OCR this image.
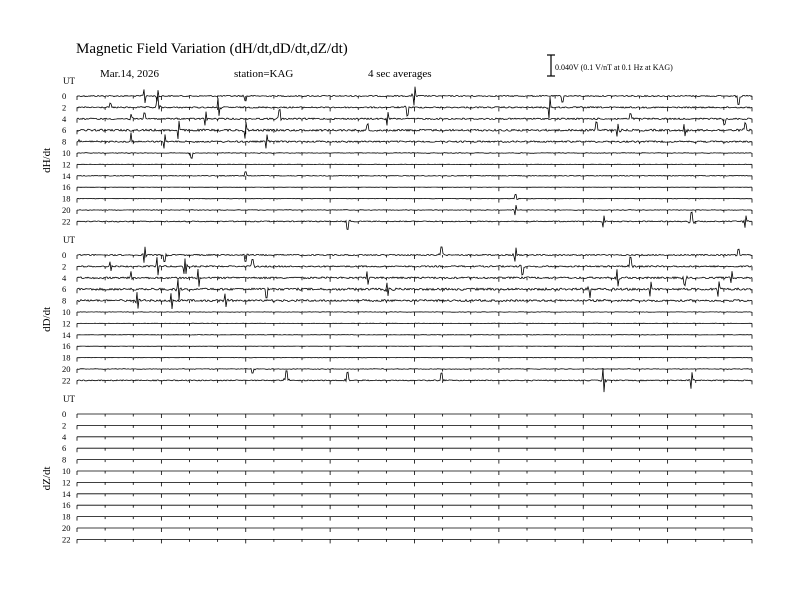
Magnetic Field Variation (dH/dt,dD/dt,dZ/dt)
Mar.14, 2026	station=KAG	4 sec averages
0.040V (0.1 V/nT at 0.1 Hz at KAG)
UT
dH/dt
0
2
4
6
8
10
12
14
16
18
20
22
UT
dD/dt
0
2
4
6
8
10
12
14
16
18
20
22
UT
dZ/dt
0
2
4
6
8
10
12
14
16
18
20
22
